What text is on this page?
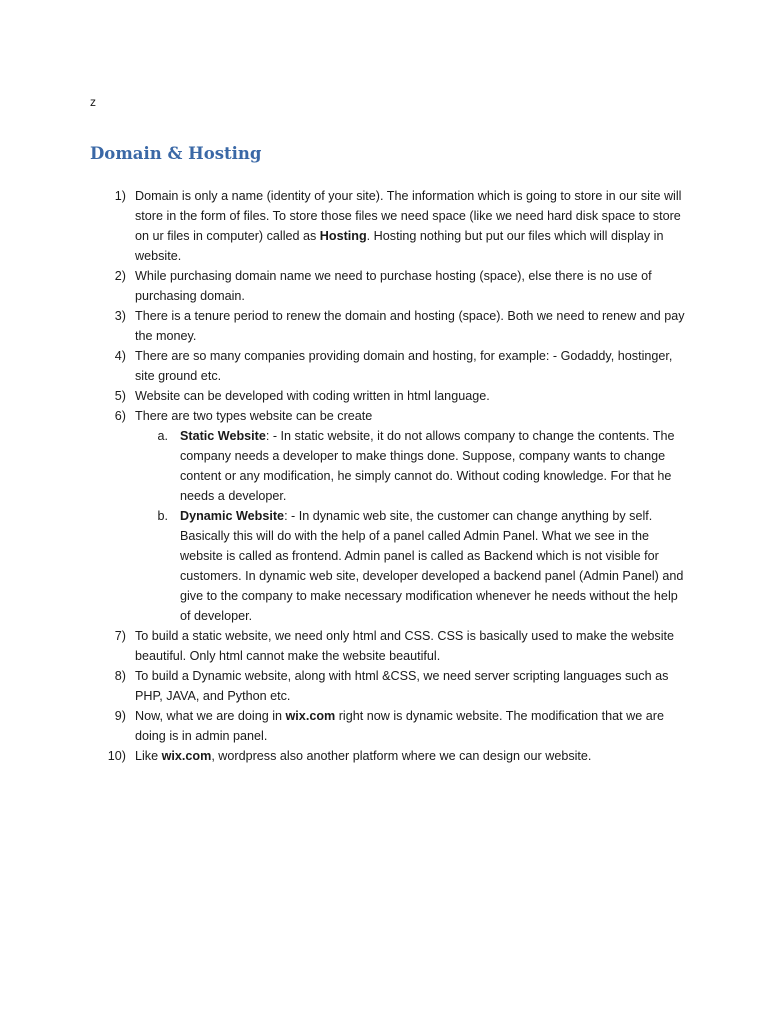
z
Domain & Hosting
1) Domain is only a name (identity of your site). The information which is going to store in our site will store in the form of files. To store those files we need space (like we need hard disk space to store on ur files in computer) called as Hosting. Hosting nothing but put our files which will display in website.
2) While purchasing domain name we need to purchase hosting (space), else there is no use of purchasing domain.
3) There is a tenure period to renew the domain and hosting (space). Both we need to renew and pay the money.
4) There are so many companies providing domain and hosting, for example: - Godaddy, hostinger, site ground etc.
5) Website can be developed with coding written in html language.
6) There are two types website can be create
a. Static Website: - In static website, it do not allows company to change the contents. The company needs a developer to make things done. Suppose, company wants to change content or any modification, he simply cannot do. Without coding knowledge. For that he needs a developer.
b. Dynamic Website: - In dynamic web site, the customer can change anything by self. Basically this will do with the help of a panel called Admin Panel. What we see in the website is called as frontend. Admin panel is called as Backend which is not visible for customers. In dynamic web site, developer developed a backend panel (Admin Panel) and give to the company to make necessary modification whenever he needs without the help of developer.
7) To build a static website, we need only html and CSS. CSS is basically used to make the website beautiful. Only html cannot make the website beautiful.
8) To build a Dynamic website, along with html &CSS, we need server scripting languages such as PHP, JAVA, and Python etc.
9) Now, what we are doing in wix.com right now is dynamic website. The modification that we are doing is in admin panel.
10) Like wix.com, wordpress also another platform where we can design our website.
